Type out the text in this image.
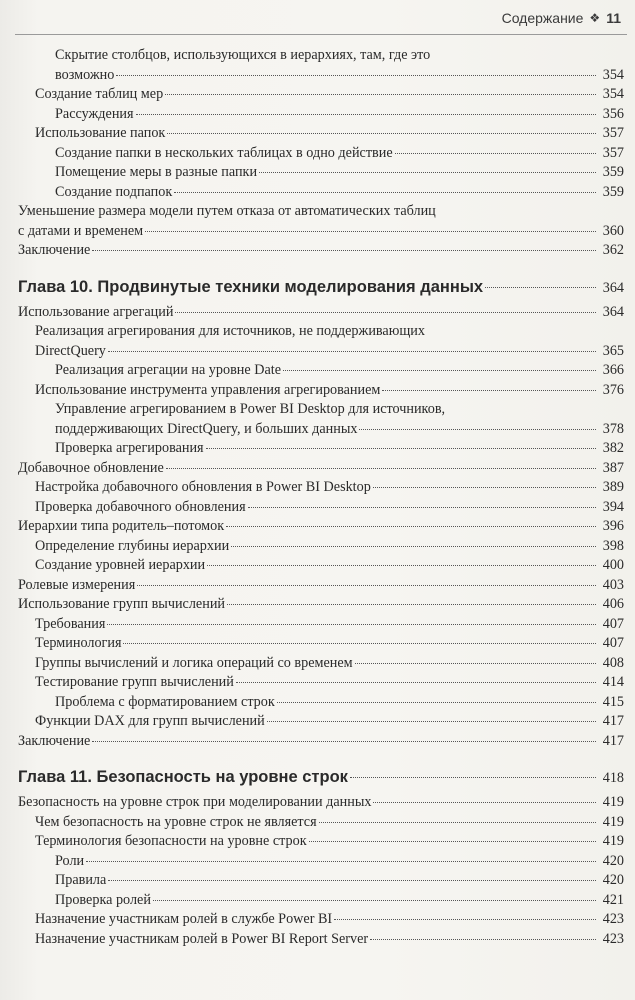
Содержание ❖ 11
Скрытие столбцов, использующихся в иерархиях, там, где это
возможно	354
Создание таблиц мер	354
Рассуждения	356
Использование папок	357
Создание папки в нескольких таблицах в одно действие	357
Помещение меры в разные папки	359
Создание подпапок	359
Уменьшение размера модели путем отказа от автоматических таблиц
с датами и временем	360
Заключение	362
Глава 10. Продвинутые техники моделирования данных	364
Использование агрегаций	364
Реализация агрегирования для источников, не поддерживающих
DirectQuery	365
Реализация агрегации на уровне Date	366
Использование инструмента управления агрегированием	376
Управление агрегированием в Power BI Desktop для источников,
поддерживающих DirectQuery, и больших данных	378
Проверка агрегирования	382
Добавочное обновление	387
Настройка добавочного обновления в Power BI Desktop	389
Проверка добавочного обновления	394
Иерархии типа родитель–потомок	396
Определение глубины иерархии	398
Создание уровней иерархии	400
Ролевые измерения	403
Использование групп вычислений	406
Требования	407
Терминология	407
Группы вычислений и логика операций со временем	408
Тестирование групп вычислений	414
Проблема с форматированием строк	415
Функции DAX для групп вычислений	417
Заключение	417
Глава 11. Безопасность на уровне строк	418
Безопасность на уровне строк при моделировании данных	419
Чем безопасность на уровне строк не является	419
Терминология безопасности на уровне строк	419
Роли	420
Правила	420
Проверка ролей	421
Назначение участникам ролей в службе Power BI	423
Назначение участникам ролей в Power BI Report Server	423
